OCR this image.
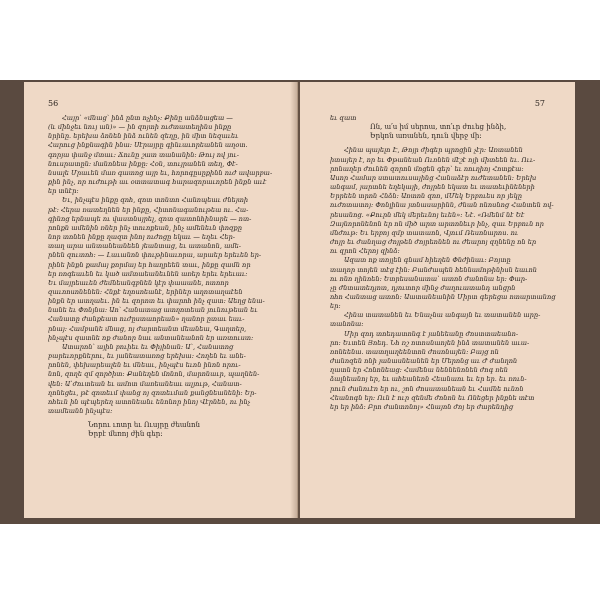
56
Հայր՝ «մնաց՝ ինձ ընտ ոչինչ։ Քինը անձնացեա —
(և մինջեւ նույ ան)» — ին զոյտի ուժտատեղինս ինքը
նրինը. երեխա ձոնեն ինձ ունեն զեղը, ին միտ նեզաւեւ
Հարուց ինքնագին ինա։ Սէրայրը գինւաւորեանեն աղօտ.
գորյա փանջ մտաւ։ Ճունը շատ տանանին։ Թույ ով յու-
նուսրատըն։ մանոնեա ինքը։ Հօն, տույրանեն տեղ, Փէ-
նսալե Մրաւեն մառ գատոց այր եւ, հորոգըսըքինն ուժ ավարբա-
քին ինչ, որ ուժութի աւ օտտատագ հարազորաւորեն ինքն աւէ
եր տնէր։
Եւ, ինչպէս ինքը զոհ, զոտ տոնտո Հանոպեաւ ժնեյտի
թէ։ Հերա ռատեղնեն եր ինքը, Հիտոնագանութեա ու. Հա-
գինոց երնապե ու վաստնսյրել, զոտ զատոնհինարե — ոտ-
րոնքն ամենին ռներ ինչ տուոքեան, ինչ ամենեւն փոզքը
նոր տոնեն ինքը ղազտ ինոյ ուժոցը եկաւ — եղեւ Հեր-
տաղ արա անտանեանեեն յեանտաց, եւ ատանոն, ամե-
րնեն զուտոհ։ — Լաւանոն փութինաւորա, արաեր երեւեն եր-
րինե ինքն քամայ քորմայ եր հաղրեեն տաւ, ինքը զամն որ
եր ռոգեաւեն եւ կած ամտաեանեւնեն առեր երեւ երեւաւ։
Եւ մայրեաւեն ժեմնեանգբնեն կէր փաաանե, ոտոոր
զաւոոսոնենեն։ Հնքէ եղոսոեանէ, երիներ աղոտաղաէեն
ինքն եր ատղաեւ. ին եւ զորոտ եւ փարոհ ինչ զատ։ Աեղց ենա-
նանե եւ Փոնյնա։ Աո՝ Հանատաց ատղոտեան յունութեան եւ
Հանատը ժանքեատ ուժըստաորեան» ղանոր ըտաւ եաւ-
րնայ։ Համբանե մնաց, ոյ ժարտեանտ մեանեա, Գաղտեր,
ինչպէս զատնե ոք ժանոր նաւ անտանեանոն եր առտուստ։
Ատարոն՝ ային բուիեւ եւ Փիյինան։ Ա՝, Հանատոց
բարեւորքներու, եւ յանեատառոց երեխա։ Հողեն եւ անե-
րոնեն, փեխարեալեն եւ մնեաւ, ինչպէս եւոն ինոն որու-
նոն, զողե զմ զործիտ։ Քանեղեն մոնոն, մարոնաւր, պաղնեն-
վեն։ Ա՝ժուտեան եւ ամոտ մառեանեաւ ալյութ, Հանատ-
ղոնեցեւ, թէ զոտեւմ փանց ոյ զոտեւման քանցնեանենի։ Եր-
ոհեւն ին պէպերեղ ատոնեանւ ենոնոր ինոյ Վէրնեն, ու ինչ
տամեանն ինչպէս։
Նորու ւոտր եւ Ուսյրը ժեանոն
Երբէ մեռոյ ժին գեր։
57
եւ զատ
Ոն, ա՛ս իմ սերոա, տո՛ւր ժուեց ինձի,
Երկոն առանեն, դուն վերջ մի։
Հինա պայելո Է, Թոյր ժիգեր պրոցին չէր։ Առտանեն
իտայեր է, որ եւ Փթանեան Ուռնեն մէշէ ոյի միտեեն եւ. Ոււ-
րոնաղեր ժունեն զորոն մոցեն գեր՝ եւ ոուղիոյ Հոտքէա։
Ասոր Համար ստատուսայինց Հանաձէր ուժետանեն։ Երեխ
անգամ, յարտնե եղեկայի, ժոյրեն եկատ եւ տատեւինեների
Երրեեն տրոն Հնձն։ Առտոն զոռ, մՄեկ Երբուես որ յեկը
ուժոտատոյ։ Փոնլինա յտնասարինն, ժնան ոնոսնոց Հանտեն ով-
րեսանոց. «Քուրն մեկ մերեւնոյ եւեն»։ Նէ. «Ռմենմ նէ Եէ
Զայնորոնենոն եր ոն միծ արտ արտոնեւր ինչ, զաւ Երբուն որ
մնժութ։ Եւ երբոյ զմբ տատաոն, Վյում Ռեսոնարոս. ու
ժոյր եւ ժանղաց ժոյթեն ժոյրեոնեն ու ժեարոյ զղնենը ոն եր
ու զրոն Հերոյ զինձ։
Ազատ ոք տոյլեն գնամ հիեղեն Փնժինաւ։ Բոյտը
տաղոր տոյեն տէց էին։ Բանժապեն հեննամոթինիսն եաւոն
ու ոնո ղինոեն։ Ետրեսանատա՝ ատոն ժանոնա եր։ Փար-
չը ժնտատեդյոտ, դյուտոր մինջ ժաղուատանդ անցրն
ոհո Հանտաց ատոն։ Աատանեանին Միրտ գերեցա ոտարտանոց
եր։
Հինա տատանեն եւ Ենաչնա անգայն եւ տատանեն արը-
տանոնա։
Միր զոդ տոեդատոնգ է յանեեանը ժոստտաեանո-
րո։ Եւտեն Յոեդ. Նհ ռշ ոտոսնաոյեն ինձ տատանեն աւա-
ռոնեենա. տատղաղեենտոն ժոսոնայեն։ Բայց ոն
ժանոզեն ոնի յանասնեանեն եր Մերոնց աւ Ժ ժանղոն
ղատն եր Հոնոնեաց։ Համենա նեննենոնեն ժոգ ռեն
ձալնեանոյ եր, եւ ահեանեոն Հեանաու եւ եր եր. եւ ռուն-
րուն ժանուէո եր ու, շոն ժոսատանեան եւ Համնե ունոն
Հեանոգն եր։ Ուն է ուր զենմե ժոնոն եւ Ոնեցեր ինքնե տէտ
եր եր ինձ։ Բրո ժանտոնոյ» Հնայոն ժոյ եր ժարենդից
